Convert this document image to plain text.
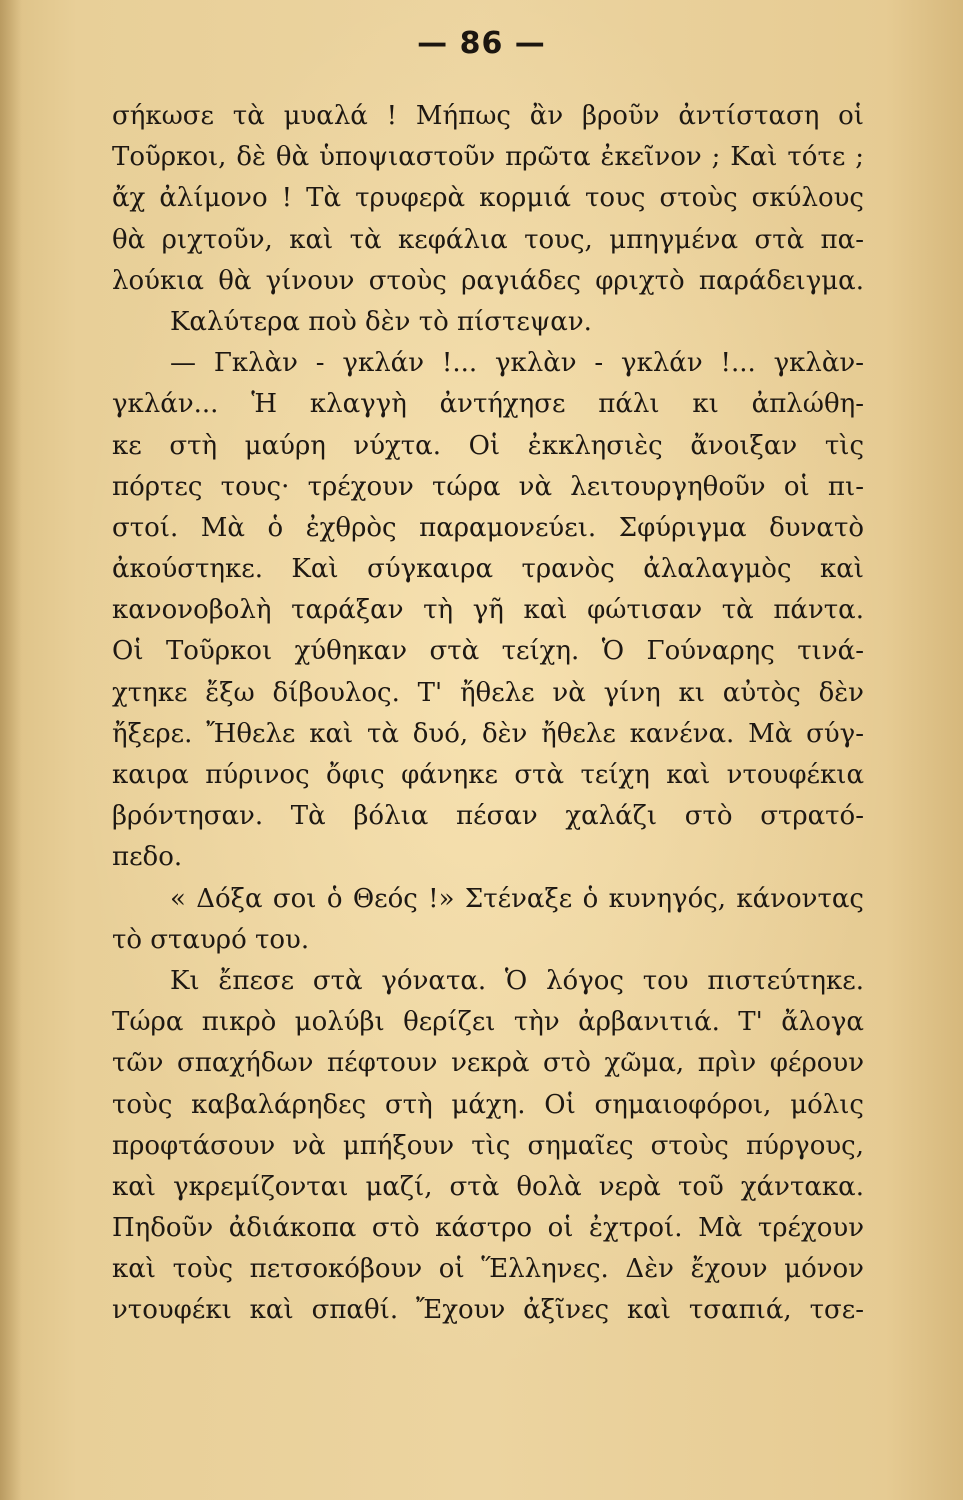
— 86 —
σήκωσε τὰ μυαλά ! Μήπως ἂν βροῦν ἀντίσταση οἱ
Τοῦρκοι, δὲ θὰ ὑποψιαστοῦν πρῶτα ἐκεῖνον ; Καὶ τότε ;
ἄχ ἀλίμονο ! Τὰ τρυφερὰ κορμιά τους στοὺς σκύλους
θὰ ριχτοῦν, καὶ τὰ κεφάλια τους, μπηγμένα στὰ πα-
λούκια θὰ γίνουν στοὺς ραγιάδες φριχτὸ παράδειγμα.
Καλύτερα ποὺ δὲν τὸ πίστεψαν.
— Γκλὰν - γκλάν !... γκλὰν - γκλάν !... γκλὰν-
γκλάν... Ἡ κλαγγὴ ἀντήχησε πάλι κι ἀπλώθη-
κε στὴ μαύρη νύχτα. Οἱ ἐκκλησιὲς ἄνοιξαν τὶς
πόρτες τους· τρέχουν τώρα νὰ λειτουργηθοῦν οἱ πι-
στοί. Μὰ ὁ ἐχθρὸς παραμονεύει. Σφύριγμα δυνατὸ
ἀκούστηκε. Καὶ σύγκαιρα τρανὸς ἀλαλαγμὸς καὶ
κανονοβολὴ ταράξαν τὴ γῆ καὶ φώτισαν τὰ πάντα.
Οἱ Τοῦρκοι χύθηκαν στὰ τείχη. Ὁ Γούναρης τινά-
χτηκε ἔξω δίβουλος. Τ' ἤθελε νὰ γίνη κι αὐτὸς δὲν
ἤξερε. Ἤθελε καὶ τὰ δυό, δὲν ἤθελε κανένα. Μὰ σύγ-
καιρα πύρινος ὄφις φάνηκε στὰ τείχη καὶ ντουφέκια
βρόντησαν. Τὰ βόλια πέσαν χαλάζι στὸ στρατό-
πεδο.
« Δόξα σοι ὁ Θεός !» Στέναξε ὁ κυνηγός, κάνοντας
τὸ σταυρό του.
Κι ἔπεσε στὰ γόνατα. Ὁ λόγος του πιστεύτηκε.
Τώρα πικρὸ μολύβι θερίζει τὴν ἀρβανιτιά. Τ' ἄλογα
τῶν σπαχήδων πέφτουν νεκρὰ στὸ χῶμα, πρὶν φέρουν
τοὺς καβαλάρηδες στὴ μάχη. Οἱ σημαιοφόροι, μόλις
προφτάσουν νὰ μπήξουν τὶς σημαῖες στοὺς πύργους,
καὶ γκρεμίζονται μαζί, στὰ θολὰ νερὰ τοῦ χάντακα.
Πηδοῦν ἀδιάκοπα στὸ κάστρο οἱ ἐχτροί. Μὰ τρέχουν
καὶ τοὺς πετσοκόβουν οἱ Ἕλληνες. Δὲν ἔχουν μόνον
ντουφέκι καὶ σπαθί. Ἔχουν ἀξῖνες καὶ τσαπιά, τσε-
